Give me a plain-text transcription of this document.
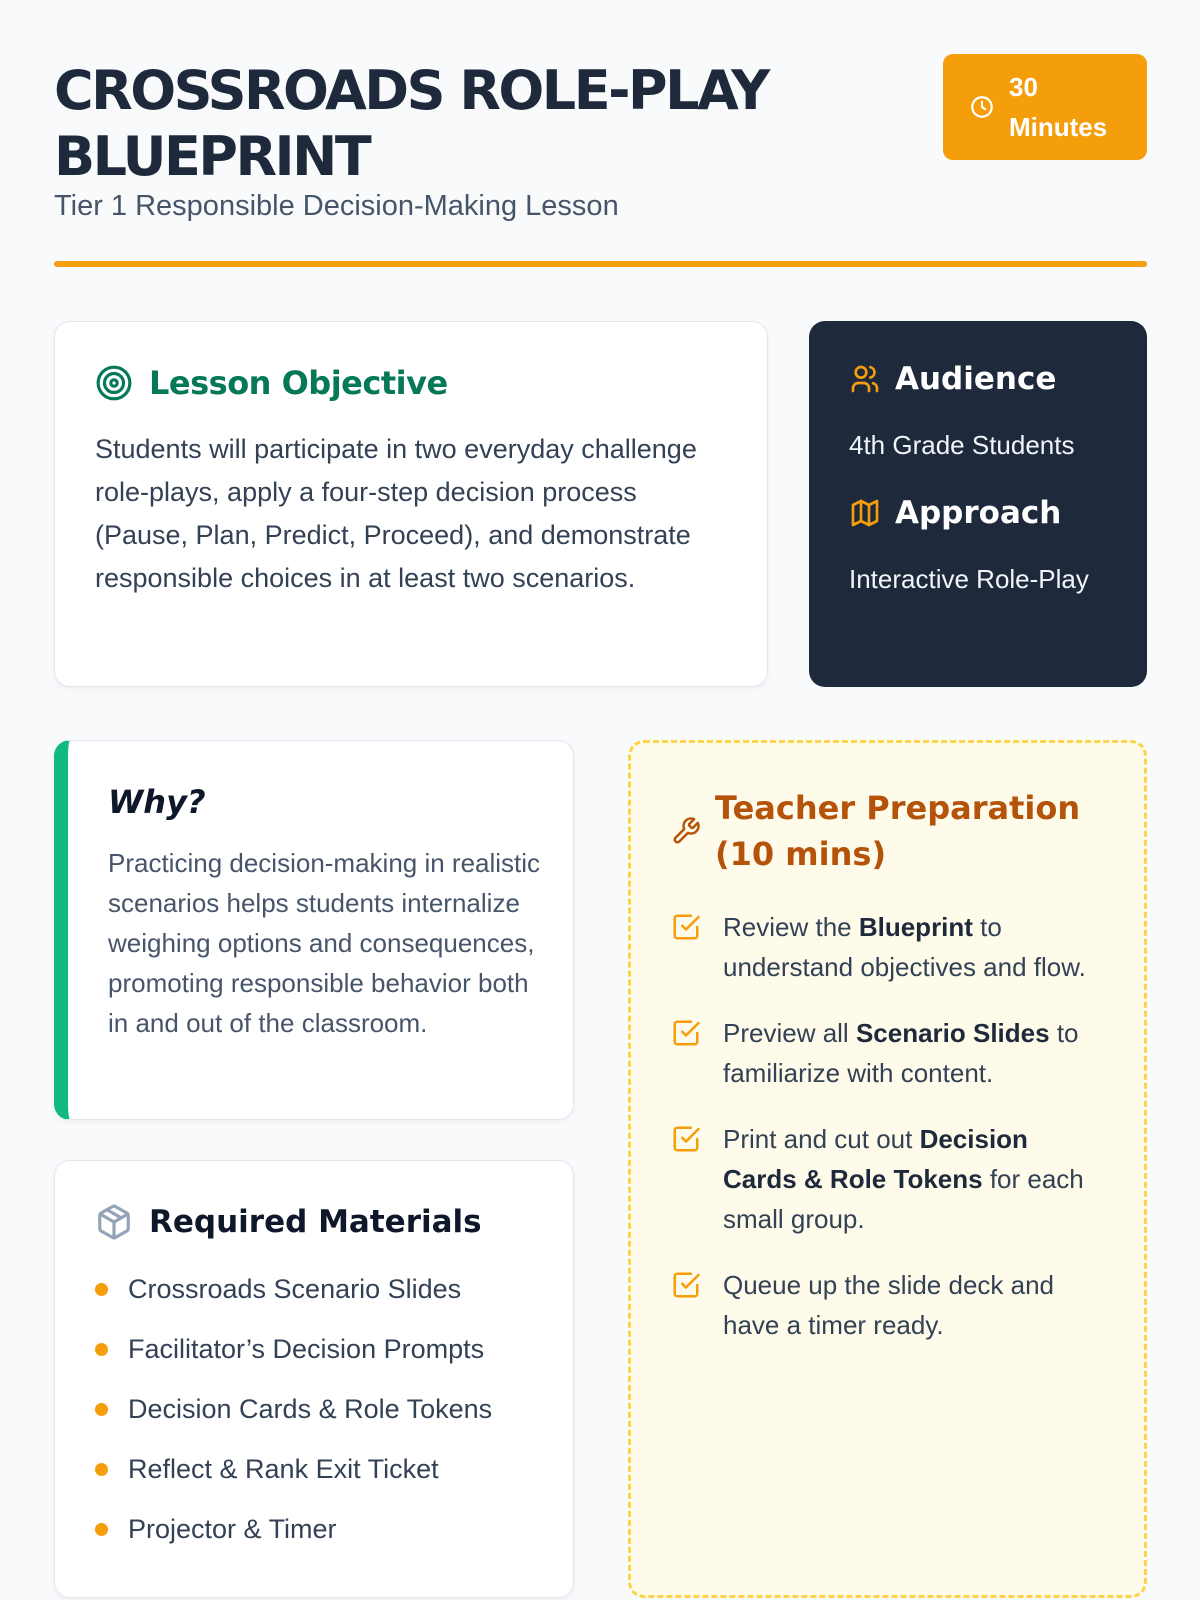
CROSSROADS ROLE-PLAY BLUEPRINT

Tier 1 Responsible Decision-Making Lesson

30 Minutes
Lesson Objective

Students will participate in two everyday challenge role-plays, apply a four-step decision process (Pause, Plan, Predict, Proceed), and demonstrate responsible choices in at least two scenarios.

Audience
4th Grade Students
Approach
Interactive Role-Play
Why?

Practicing decision-making in realistic scenarios helps students internalize weighing options and consequences, promoting responsible behavior both in and out of the classroom.

Required Materials
Crossroads Scenario Slides
Facilitator’s Decision Prompts
Decision Cards & Role Tokens
Reflect & Rank Exit Ticket
Projector & Timer
Teacher Preparation (10 mins)
Review the Blueprint to understand objectives and flow.
Preview all Scenario Slides to familiarize with content.
Print and cut out Decision Cards & Role Tokens for each small group.
Queue up the slide deck and have a timer ready.
